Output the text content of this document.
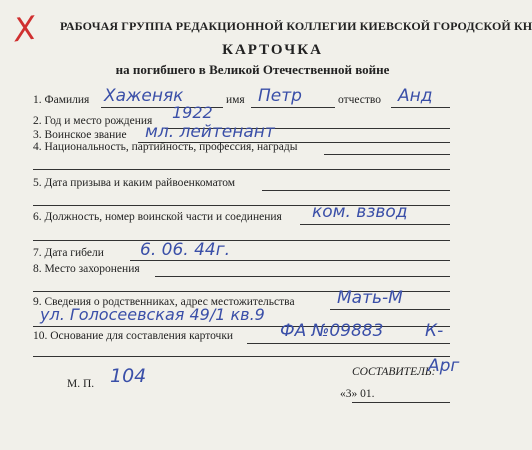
X РАБОЧАЯ ГРУППА РЕДАКЦИОННОЙ КОЛЛЕГИИ КИЕВСКОЙ ГОРОДСКОЙ КН
КАРТОЧКА
на погибшего в Великой Отечественной войне
1. Фамилия Хаженяк	имя Петр	отчество Анд
2. Год и место рождения 1922
3. Воинское звание мл. лейтенант
4. Национальность, партийность, профессия, награды
5. Дата призыва и каким райвоенкоматом
6. Должность, номер воинской части и соединения ком. взвод
7. Дата гибели 6. 06. 44г.
8. Место захоронения
9. Сведения о родственниках, адрес местожительства Мать-М
ул. Голосеевская 49/1 кв.9
10. Основание для составления карточки	ФА №09883 К-
М. П. 104	СОСТАВИТЕЛЬ:
Арг
«3» 01.
